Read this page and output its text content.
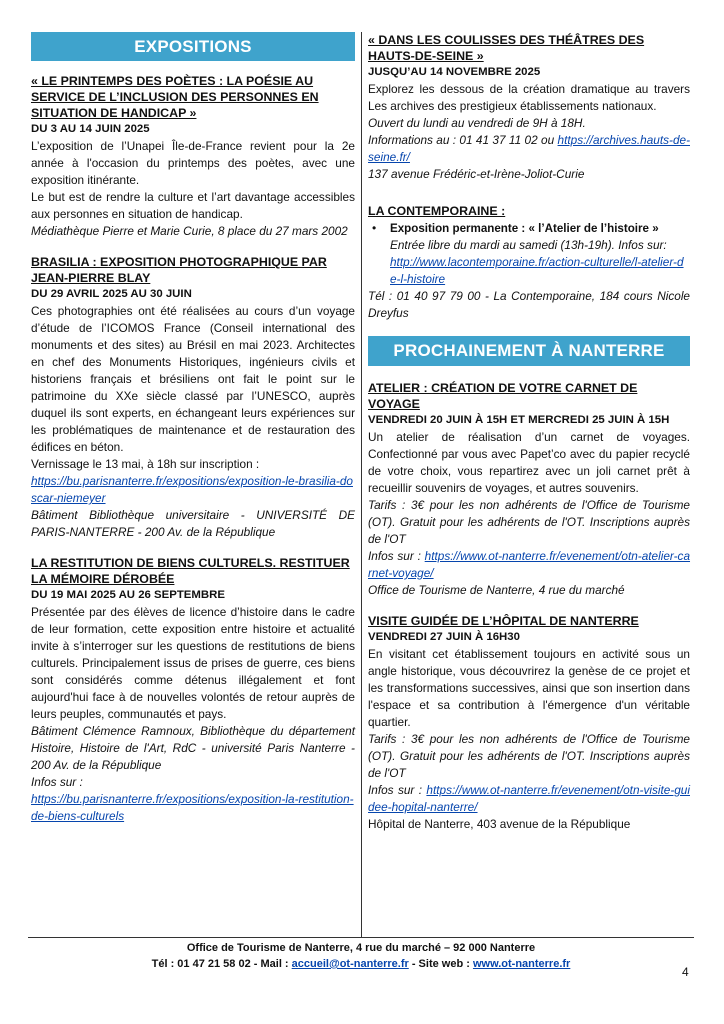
EXPOSITIONS
« LE PRINTEMPS DES POÈTES : LA POÉSIE AU SERVICE DE L’INCLUSION DES PERSONNES EN SITUATION DE HANDICAP »
DU 3 AU 14 JUIN 2025

L’exposition de l’Unapei Île-de-France revient pour la 2e année à l'occasion du printemps des poètes, avec une exposition itinérante.

Le but est de rendre la culture et l’art davantage accessibles aux personnes en situation de handicap.

Médiathèque Pierre et Marie Curie, 8 place du 27 mars 2002

BRASILIA : EXPOSITION PHOTOGRAPHIQUE PAR JEAN-PIERRE BLAY
DU 29 AVRIL 2025 AU 30 JUIN

Ces photographies ont été réalisées au cours d’un voyage d’étude de l’ICOMOS France (Conseil international des monuments et des sites) au Brésil en mai 2023. Architectes en chef des Monuments Historiques, ingénieurs civils et historiens français et brésiliens ont fait le point sur le patrimoine du XXe siècle classé par l’UNESCO, auprès duquel ils sont experts, en échangeant leurs expériences sur les problématiques de maintenance et de restauration des édifices en béton.

Vernissage le 13 mai, à 18h sur inscription :

https://bu.parisnanterre.fr/expositions/exposition-le-brasilia-doscar-niemeyer

Bâtiment Bibliothèque universitaire - UNIVERSITÉ DE PARIS-NANTERRE - 200 Av. de la République

LA RESTITUTION DE BIENS CULTURELS. RESTITUER LA MÉMOIRE DÉROBÉE
DU 19 MAI 2025 AU 26 SEPTEMBRE

Présentée par des élèves de licence d’histoire dans le cadre de leur formation, cette exposition entre histoire et actualité invite à s’interroger sur les questions de restitutions de biens culturels. Principalement issus de prises de guerre, ces biens sont considérés comme détenus illégalement et font aujourd'hui face à de nouvelles volontés de retour auprès de leurs peuples, communautés et pays.

Bâtiment Clémence Ramnoux, Bibliothèque du département Histoire, Histoire de l'Art, RdC - université Paris Nanterre - 200 Av. de la République

Infos sur :

https://bu.parisnanterre.fr/expositions/exposition-la-restitution-de-biens-culturels

« DANS LES COULISSES DES THÉÂTRES DES HAUTS-DE-SEINE »
JUSQU’AU 14 NOVEMBRE 2025

Explorez les dessous de la création dramatique au travers Les archives des prestigieux établissements nationaux.

Ouvert du lundi au vendredi de 9H à 18H.

Informations au : 01 41 37 11 02 ou https://archives.hauts-de-seine.fr/

137 avenue Frédéric-et-Irène-Joliot-Curie

LA CONTEMPORAINE :
• Exposition permanente : « l’Atelier de l’histoire »

Entrée libre du mardi au samedi (13h-19h). Infos sur:

http://www.lacontemporaine.fr/action-culturelle/l-atelier-de-l-histoire

Tél : 01 40 97 79 00 - La Contemporaine, 184 cours Nicole Dreyfus

PROCHAINEMENT À NANTERRE
ATELIER : CRÉATION DE VOTRE CARNET DE VOYAGE
VENDREDI 20 JUIN À 15H ET MERCREDI 25 JUIN À 15H

Un atelier de réalisation d’un carnet de voyages. Confectionné par vous avec Papet’co avec du papier recyclé de votre choix, vous repartirez avec un joli carnet prêt à recueillir souvenirs de voyages, et autres souvenirs.

Tarifs : 3€ pour les non adhérents de l'Office de Tourisme (OT). Gratuit pour les adhérents de l'OT. Inscriptions auprès de l'OT

Infos sur : https://www.ot-nanterre.fr/evenement/otn-atelier-carnet-voyage/

Office de Tourisme de Nanterre, 4 rue du marché

VISITE GUIDÉE DE L’HÔPITAL DE NANTERRE
VENDREDI 27 JUIN À 16H30

En visitant cet établissement toujours en activité sous un angle historique, vous découvrirez la genèse de ce projet et les transformations successives, ainsi que son insertion dans l'espace et sa contribution à l'émergence d'un véritable quartier.

Tarifs : 3€ pour les non adhérents de l'Office de Tourisme (OT). Gratuit pour les adhérents de l'OT. Inscriptions auprès de l'OT

Infos sur : https://www.ot-nanterre.fr/evenement/otn-visite-guidee-hopital-nanterre/

Hôpital de Nanterre, 403 avenue de la République

Office de Tourisme de Nanterre, 4 rue du marché – 92 000 Nanterre
Tél : 01 47 21 58 02 - Mail : accueil@ot-nanterre.fr - Site web : www.ot-nanterre.fr
4
